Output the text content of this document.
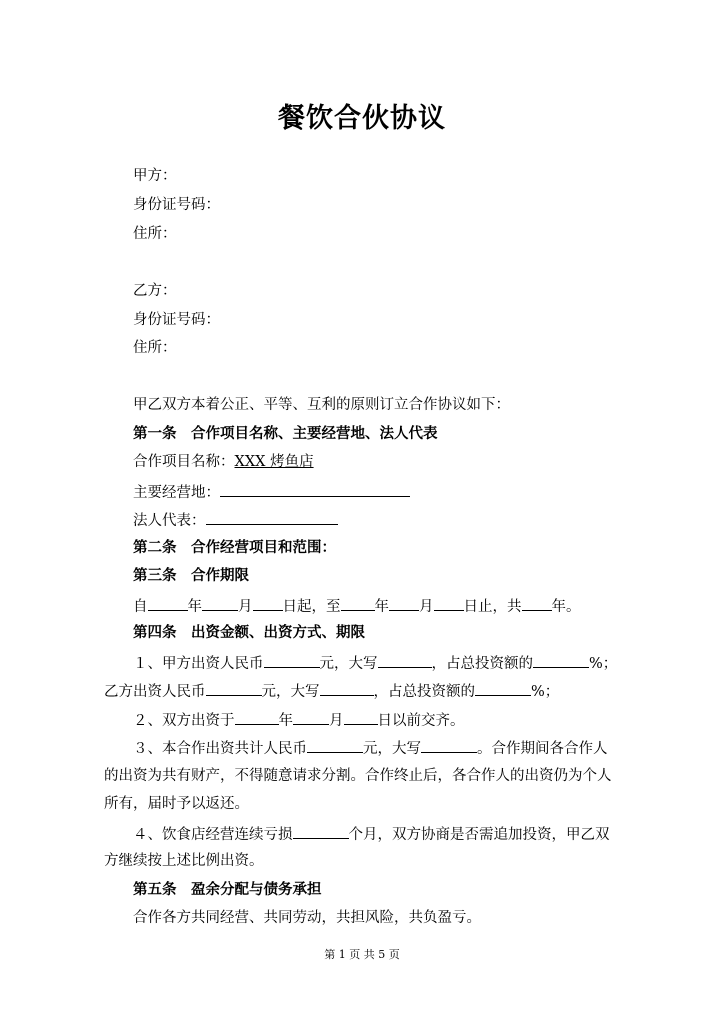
餐饮合伙协议
甲方：
身份证号码：
住所：
乙方：
身份证号码：
住所：
甲乙双方本着公正、平等、互利的原则订立合作协议如下：
第一条　合作项目名称、主要经营地、法人代表
合作项目名称：XXX 烤鱼店
主要经营地：
法人代表：
第二条　合作经营项目和范围：
第三条　合作期限
自	年 月 日起，至 年 月 日止，共 年。
第四条　出资金额、出资方式、期限
１、甲方出资人民币	元，大写	，占总投资额的	%；
乙方出资人民币	元，大写	，占总投资额的	%；
２、双方出资于	年 月 日以前交齐。
３、本合作出资共计人民币	元，大写	。合作期间各合作人
的出资为共有财产，不得随意请求分割。合作终止后，各合作人的出资仍为个人
所有，届时予以返还。
４、饮食店经营连续亏损	个月，双方协商是否需追加投资，甲乙双
方继续按上述比例出资。
第五条　盈余分配与债务承担
合作各方共同经营、共同劳动，共担风险，共负盈亏。
第 1 页 共 5 页
